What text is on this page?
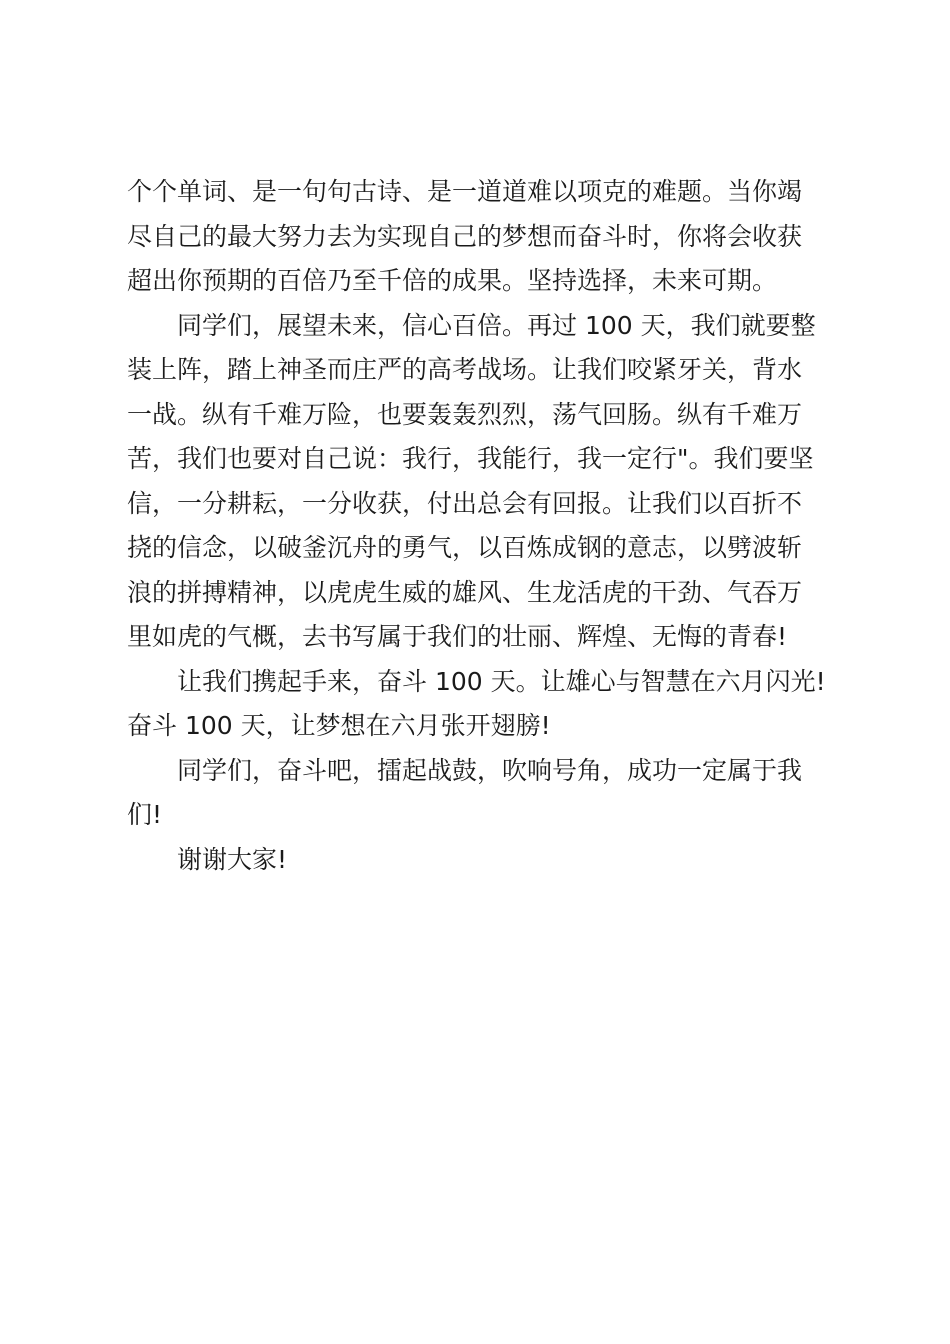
个个单词、是一句句古诗、是一道道难以项克的难题。当你竭
尽自己的最大努力去为实现自己的梦想而奋斗时，你将会收获
超出你预期的百倍乃至千倍的成果。坚持选择，未来可期。
同学们，展望未来，信心百倍。再过 100 天，我们就要整
装上阵，踏上神圣而庄严的高考战场。让我们咬紧牙关，背水
一战。纵有千难万险，也要轰轰烈烈，荡气回肠。纵有千难万
苦，我们也要对自己说：我行，我能行，我一定行"。我们要坚
信，一分耕耘，一分收获，付出总会有回报。让我们以百折不
挠的信念，以破釜沉舟的勇气，以百炼成钢的意志，以劈波斩
浪的拼搏精神，以虎虎生威的雄风、生龙活虎的干劲、气吞万
里如虎的气概，去书写属于我们的壮丽、辉煌、无悔的青春!
让我们携起手来，奋斗 100 天。让雄心与智慧在六月闪光!
奋斗 100 天，让梦想在六月张开翅膀!
同学们，奋斗吧，擂起战鼓，吹响号角，成功一定属于我
们!
谢谢大家!
